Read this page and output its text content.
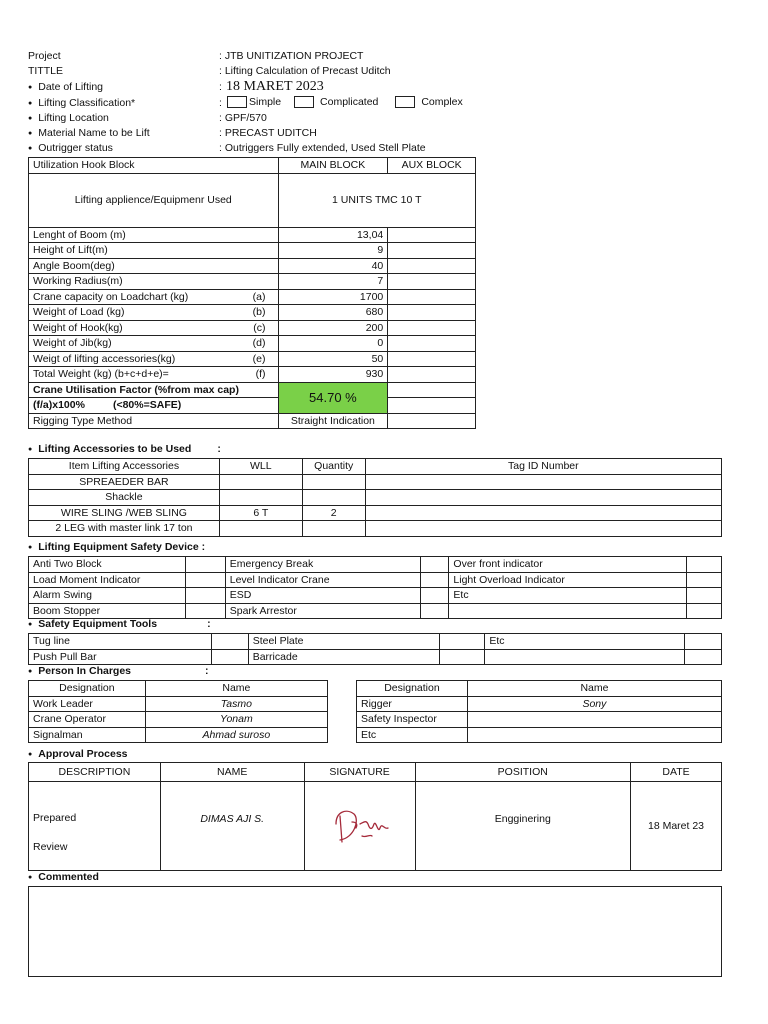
Project	: JTB UNITIZATION PROJECT
TITTLE	: Lifting Calculation of Precast Uditch
● Date of Lifting	: 18 MARET 2023
● Lifting Classification*	:	Simple	Complicated	Complex
● Lifting Location	: GPF/570
● Material Name to be Lift	: PRECAST UDITCH
● Outrigger status	: Outriggers Fully extended, Used Stell Plate
Utilization Hook Block	MAIN BLOCK	AUX BLOCK
Lifting applience/Equipmenr Used	1 UNITS TMC 10 T	
Lenght of Boom (m)	13,04	
Height of Lift(m)	9	
Angle Boom(deg)	40	
Working Radius(m)	7	
Crane capacity on Loadchart (kg) (a)	1700	
Weight of Load (kg) (b)	680	
Weight of Hook(kg) (c)	200	
Weight of Jib(kg) (d)	0	
Weigt of lifting accessories(kg) (e)	50	
Total Weight (kg) (b+c+d+e)= (f)	930	
Crane Utilisation Factor (%from max cap)	54.70 %	
(f/a)x100% (<80%=SAFE)		
Rigging Type Method	Straight Indication	
● Lifting Accessories to be Used :
Item Lifting Accessories	WLL	Quantity	Tag ID Number
SPREAEDER BAR			
Shackle			
WIRE SLING /WEB SLING	6 T	2	
2 LEG with master link 17 ton			
● Lifting Equipment Safety Device :
Anti Two Block		Emergency Break		Over front indicator	
Load Moment Indicator		Level Indicator Crane		Light Overload Indicator	
Alarm Swing		ESD		Etc	
Boom Stopper		Spark Arrestor			
● Safety Equipment Tools	:
Tug line		Steel Plate		Etc	
Push Pull Bar		Barricade			
● Person In Charges	:
Designation	Name
Work Leader	Tasmo
Crane Operator	Yonam
Signalman	Ahmad suroso
Designation	Name
Rigger	Sony
Safety Inspector	
Etc	
● Approval Process
DESCRIPTION	NAME	SIGNATURE	POSITION	DATE

Prepared
Review	DIMAS AJI S.		Engginering	18 Maret 23
● Commented
